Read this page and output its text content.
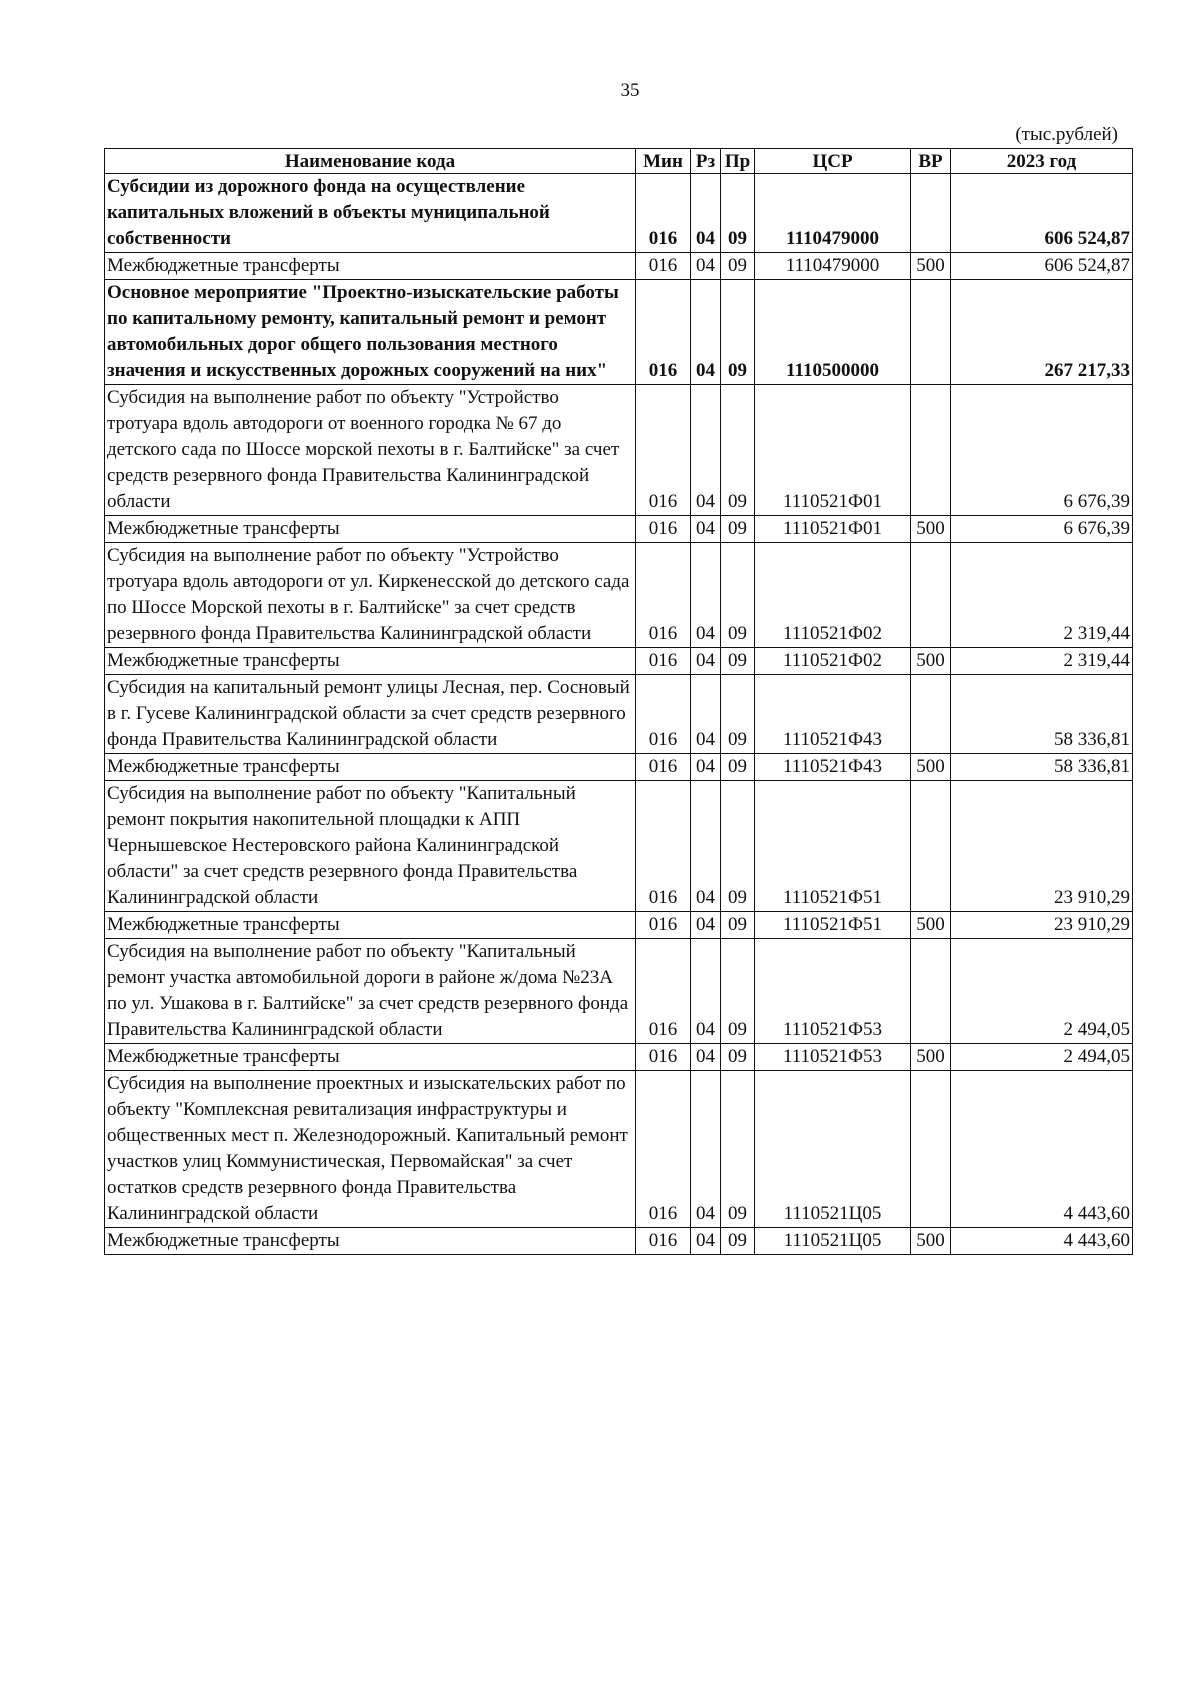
35
(тыс.рублей)
Наименование кода	Мин	Рз	Пр	ЦСР	ВР	2023 год
Субсидии из дорожного фонда на осуществление капитальных вложений в объекты муниципальной собственности	016	04	09	1110479000		606 524,87
Межбюджетные трансферты	016	04	09	1110479000	500	606 524,87
Основное мероприятие "Проектно-изыскательские работы по капитальному ремонту, капитальный ремонт и ремонт автомобильных дорог общего пользования местного значения и искусственных дорожных сооружений на них"	016	04	09	1110500000		267 217,33
Субсидия на выполнение работ по объекту "Устройство тротуара вдоль автодороги от военного городка № 67 до детского сада по Шоссе морской пехоты в г. Балтийске" за счет средств резервного фонда Правительства Калининградской области	016	04	09	1110521Ф01		6 676,39
Межбюджетные трансферты	016	04	09	1110521Ф01	500	6 676,39
Субсидия на выполнение работ по объекту "Устройство тротуара вдоль автодороги от ул. Киркенесской до детского сада по Шоссе Морской пехоты в г. Балтийске" за счет средств резервного фонда Правительства Калининградской области	016	04	09	1110521Ф02		2 319,44
Межбюджетные трансферты	016	04	09	1110521Ф02	500	2 319,44
Субсидия на капитальный ремонт улицы Лесная, пер. Сосновый в г. Гусеве Калининградской области за счет средств резервного фонда Правительства Калининградской области	016	04	09	1110521Ф43		58 336,81
Межбюджетные трансферты	016	04	09	1110521Ф43	500	58 336,81
Субсидия на выполнение работ по объекту "Капитальный ремонт покрытия накопительной площадки к АПП Чернышевское Нестеровского района Калининградской области" за счет средств резервного фонда Правительства Калининградской области	016	04	09	1110521Ф51		23 910,29
Межбюджетные трансферты	016	04	09	1110521Ф51	500	23 910,29
Субсидия на выполнение работ по объекту "Капитальный ремонт участка автомобильной дороги в районе ж/дома №23А по ул. Ушакова в г. Балтийске" за счет средств резервного фонда Правительства Калининградской области	016	04	09	1110521Ф53		2 494,05
Межбюджетные трансферты	016	04	09	1110521Ф53	500	2 494,05
Субсидия на выполнение проектных и изыскательских работ по объекту "Комплексная ревитализация инфраструктуры и общественных мест п. Железнодорожный. Капитальный ремонт участков улиц Коммунистическая, Первомайская" за счет остатков средств резервного фонда Правительства Калининградской области	016	04	09	1110521Ц05		4 443,60
Межбюджетные трансферты	016	04	09	1110521Ц05	500	4 443,60
